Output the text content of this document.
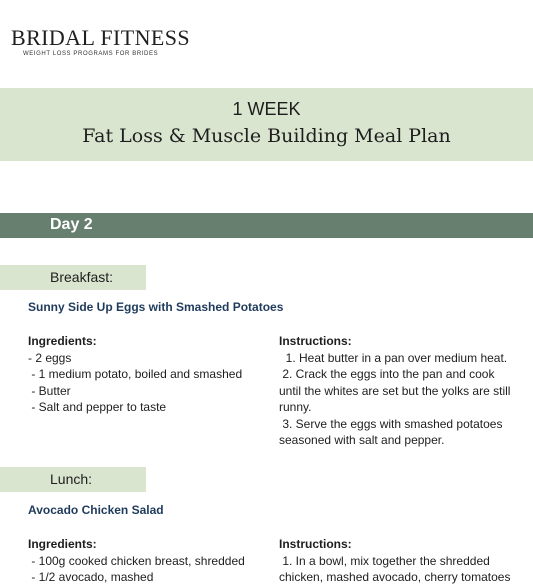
BRIDAL FITNESS
WEIGHT LOSS PROGRAMS FOR BRIDES
1 WEEK
Fat Loss & Muscle Building Meal Plan
Day 2
Breakfast:
Sunny Side Up Eggs with Smashed Potatoes
Ingredients:
- 2 eggs
- 1 medium potato, boiled and smashed
- Butter
- Salt and pepper to taste
Instructions:
1. Heat butter in a pan over medium heat.
2. Crack the eggs into the pan and cook
until the whites are set but the yolks are still
runny.
3. Serve the eggs with smashed potatoes
seasoned with salt and pepper.
Lunch:
Avocado Chicken Salad
Ingredients:
- 100g cooked chicken breast, shredded
- 1/2 avocado, mashed
Instructions:
1. In a bowl, mix together the shredded
chicken, mashed avocado, cherry tomatoes
